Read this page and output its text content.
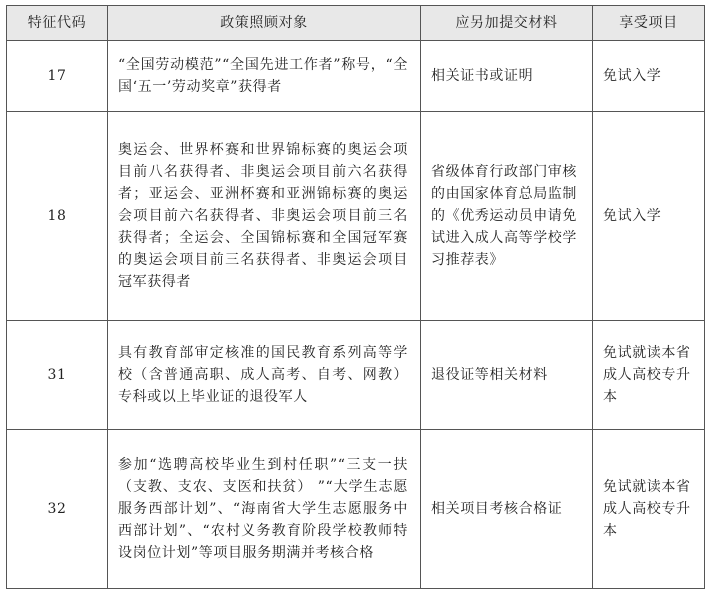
特征代码	政策照顾对象	应另加提交材料	享受项目
17	“全国劳动模范”“全国先进工作者”称号，“全国‘五一’劳动奖章”获得者	相关证书或证明	免试入学
18	奥运会、世界杯赛和世界锦标赛的奥运会项目前八名获得者、非奥运会项目前六名获得者；亚运会、亚洲杯赛和亚洲锦标赛的奥运会项目前六名获得者、非奥运会项目前三名获得者；全运会、全国锦标赛和全国冠军赛的奥运会项目前三名获得者、非奥运会项目冠军获得者	省级体育行政部门审核的由国家体育总局监制的《优秀运动员申请免试进入成人高等学校学习推荐表》	免试入学
31	具有教育部审定核准的国民教育系列高等学校（含普通高职、成人高考、自考、网教）专科或以上毕业证的退役军人	退役证等相关材料	免试就读本省成人高校专升本
32	参加“选聘高校毕业生到村任职”“三支一扶 （支教、支农、支医和扶贫） ”“大学生志愿服务西部计划”、“海南省大学生志愿服务中西部计划”、“农村义务教育阶段学校教师特设岗位计划”等项目服务期满并考核合格	相关项目考核合格证	免试就读本省成人高校专升本
